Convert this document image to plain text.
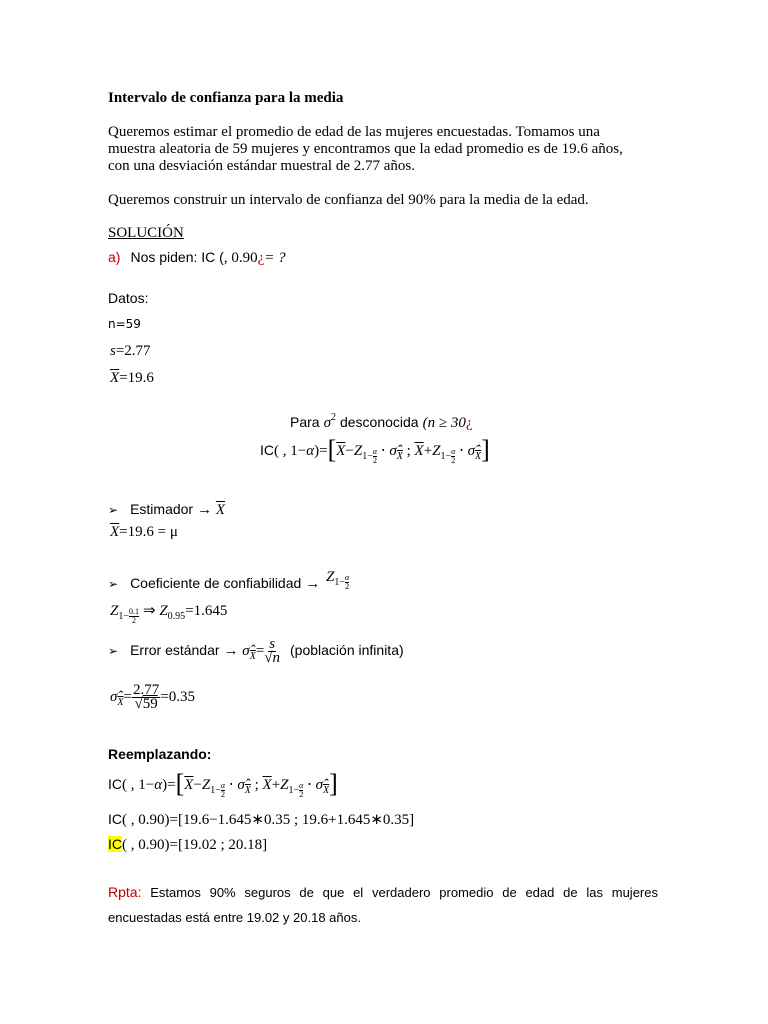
Intervalo de confianza para la media
Queremos estimar el promedio de edad de las mujeres encuestadas. Tomamos una
muestra aleatoria de 59 mujeres y encontramos que la edad promedio es de 19.6 años,
con una desviación estándar muestral de 2.77 años.
Queremos construir un intervalo de confianza del 90% para la media de la edad.
SOLUCIÓN
a) Nos piden: IC (, 0.90¿= ?
Datos:
n=59
s=2.77
$\overline{X}=19.6$
Para $\sigma^2$ desconocida (n ≥ 30¿
IC( , $1-\alpha)=[\overline{X}-Z_{1- \frac{\alpha}{2}}$ ⋅ $\sigmâ_{\overline{X}}$ ; $\overline{X}+Z_{1- \frac{\alpha}{2}}$ ⋅ $\sigmâ_{\overline{X}}$]
➢ Estimador → $\overline{X}$
$\overline{X}=19.6 = \mu$
➢ Coeficiente de confiabilidad → $Z_{1- \frac{\alpha}{2}}$
$Z_{1- \frac{0.1}{2}}$ ⇒ $Z_{0.95}=1.645$
➢ Error estándar → $\sigmâ_{\overline{X}}= \frac{s}{√n}$ (población infinita)
$\sigmâ_{\overline{X}}= \frac{2.77}{√59} =0.35$
Reemplazando:
IC( , $1-\alpha)=[\overline{X}-Z_{1- \frac{\alpha}{2}}$ ⋅ $\sigmâ_{\overline{X}}$ ; $\overline{X}+Z_{1- \frac{\alpha}{2}}$ ⋅ $\sigmâ_{\overline{X}}$]
IC( , 0.90)=[19.6−1.645∗0.35 ; 19.6+1.645∗0.35]
IC( , 0.90)=[19.02 ; 20.18]
Rpta: Estamos 90% seguros de que el verdadero promedio de edad de las mujeres encuestadas está entre 19.02 y 20.18 años.
